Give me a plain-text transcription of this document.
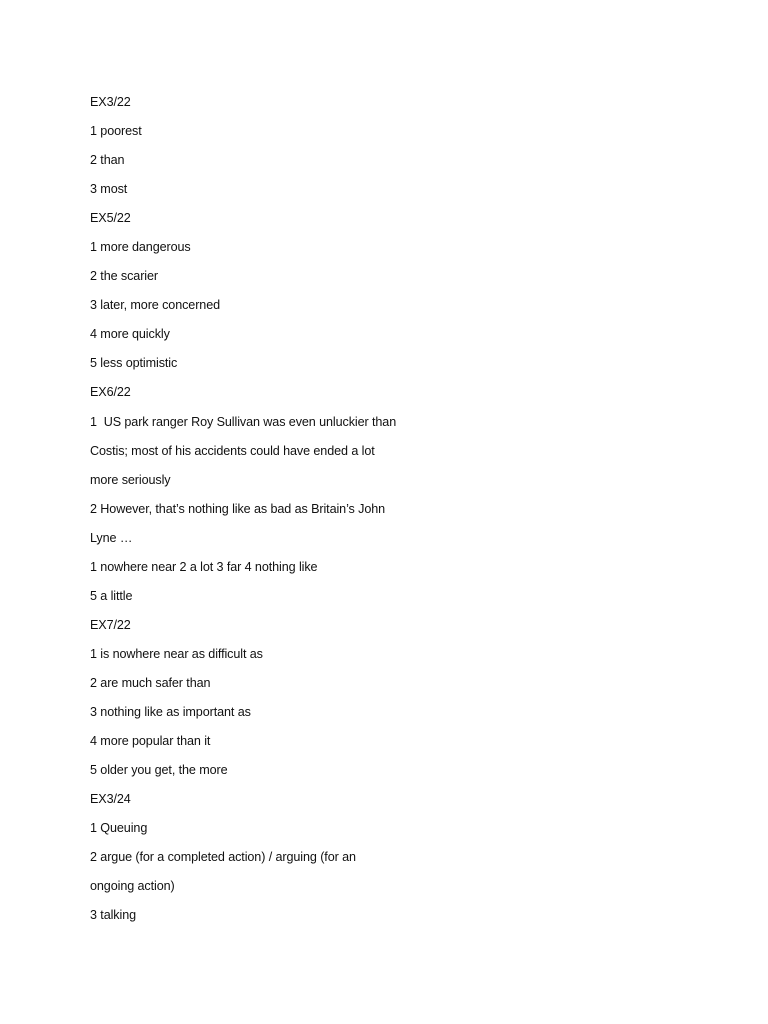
EX3/22
1 poorest
2 than
3 most
EX5/22
1 more dangerous
2 the scarier
3 later, more concerned
4 more quickly
5 less optimistic
EX6/22
1  US park ranger Roy Sullivan was even unluckier than
Costis; most of his accidents could have ended a lot
more seriously
2 However, that’s nothing like as bad as Britain’s John
Lyne …
1 nowhere near 2 a lot 3 far 4 nothing like
5 a little
EX7/22
1 is nowhere near as difficult as
2 are much safer than
3 nothing like as important as
4 more popular than it
5 older you get, the more
EX3/24
1 Queuing
2 argue (for a completed action) / arguing (for an
ongoing action)
3 talking
